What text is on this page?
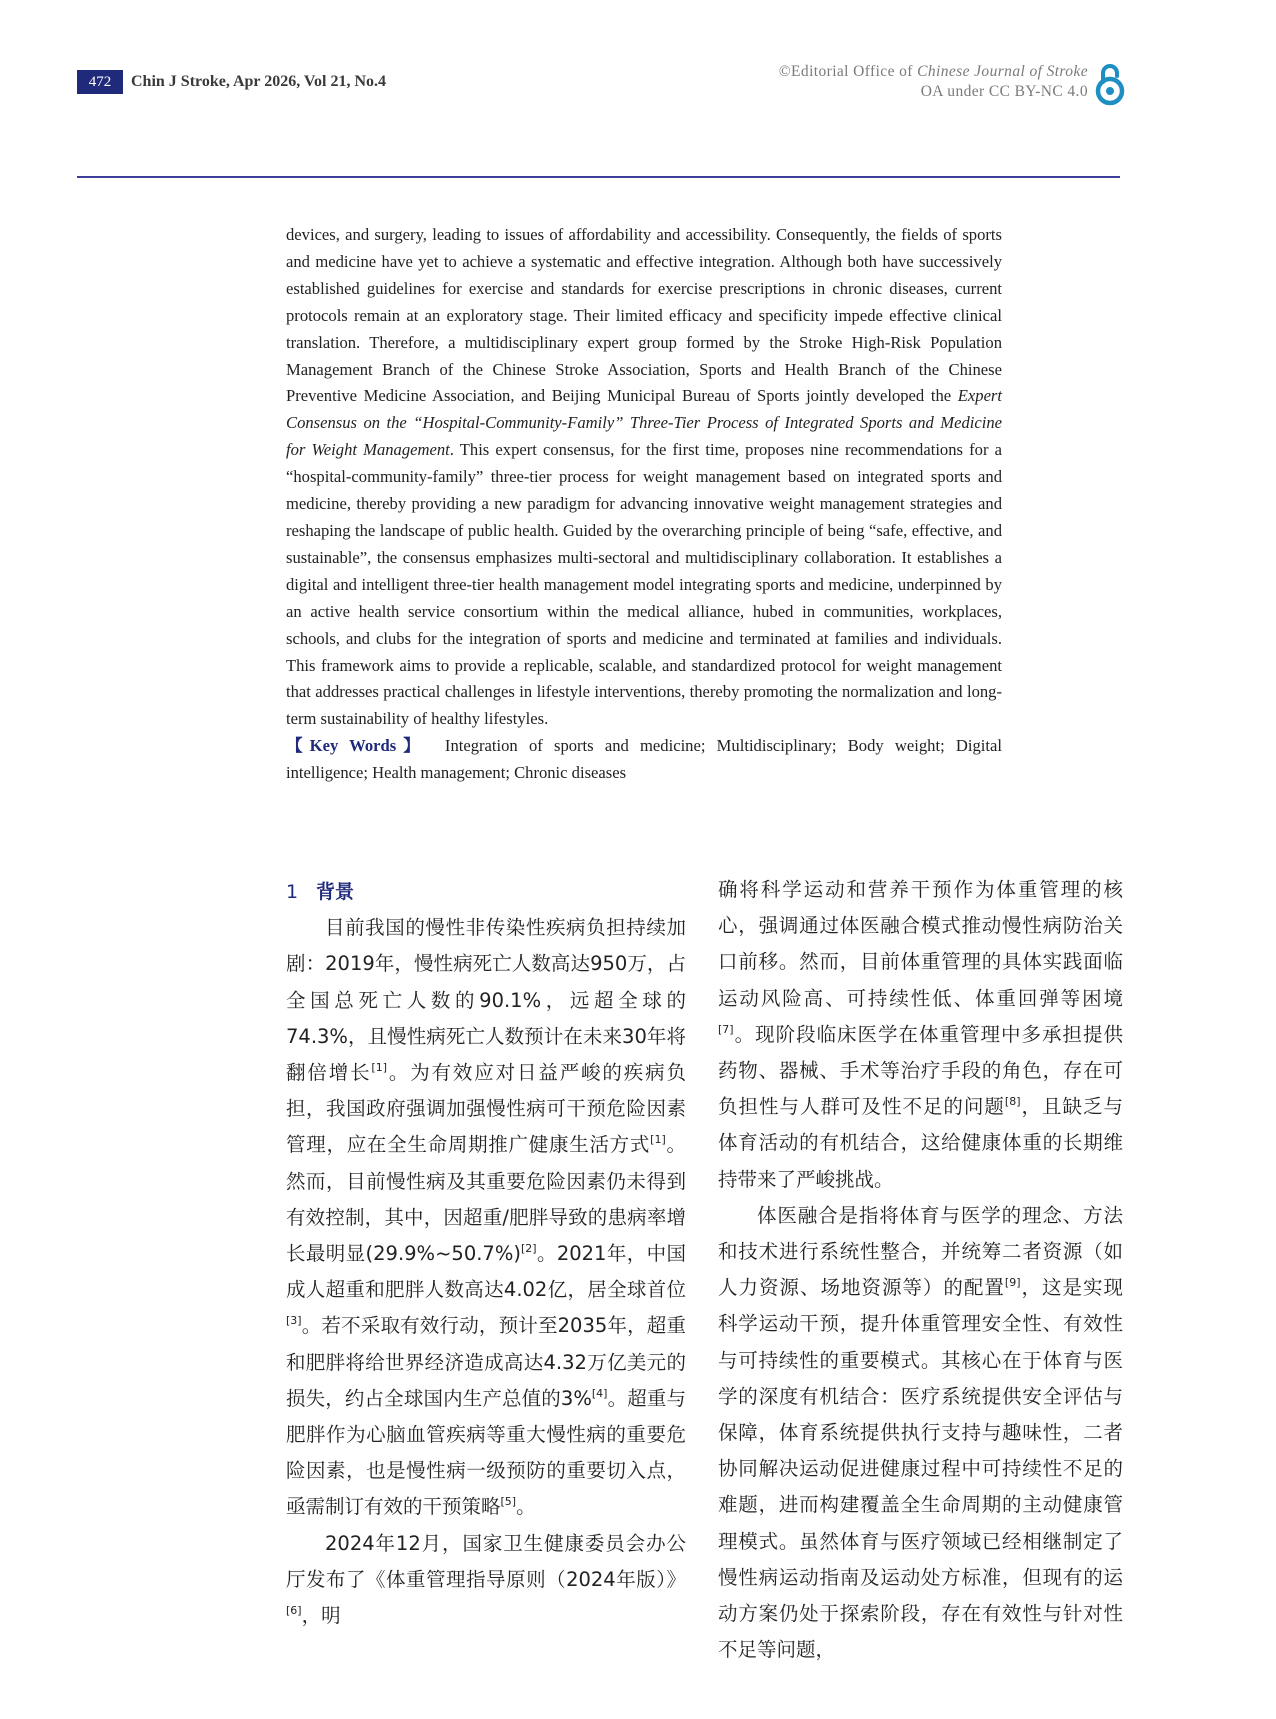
472	Chin J Stroke, Apr 2026, Vol 21, No.4
©Editorial Office of Chinese Journal of Stroke
OA under CC BY-NC 4.0

devices, and surgery, leading to issues of affordability and accessibility. Consequently, the fields of sports and medicine have yet to achieve a systematic and effective integration. Although both have successively established guidelines for exercise and standards for exercise prescriptions in chronic diseases, current protocols remain at an exploratory stage. Their limited efficacy and specificity impede effective clinical translation. Therefore, a multidisciplinary expert group formed by the Stroke High-Risk Population Management Branch of the Chinese Stroke Association, Sports and Health Branch of the Chinese Preventive Medicine Association, and Beijing Municipal Bureau of Sports jointly developed the Expert Consensus on the “Hospital-Community-Family” Three-Tier Process of Integrated Sports and Medicine for Weight Management. This expert consensus, for the first time, proposes nine recommendations for a “hospital-community-family” three-tier process for weight management based on integrated sports and medicine, thereby providing a new paradigm for advancing innovative weight management strategies and reshaping the landscape of public health. Guided by the overarching principle of being “safe, effective, and sustainable”, the consensus emphasizes multi-sectoral and multidisciplinary collaboration. It establishes a digital and intelligent three-tier health management model integrating sports and medicine, underpinned by an active health service consortium within the medical alliance, hubed in communities, workplaces, schools, and clubs for the integration of sports and medicine and terminated at families and individuals. This framework aims to provide a replicable, scalable, and standardized protocol for weight management that addresses practical challenges in lifestyle interventions, thereby promoting the normalization and long-term sustainability of healthy lifestyles.

【Key Words】 Integration of sports and medicine; Multidisciplinary; Body weight; Digital intelligence; Health management; Chronic diseases

1 背景

目前我国的慢性非传染性疾病负担持续加剧：2019年，慢性病死亡人数高达950万，占全国总死亡人数的90.1%，远超全球的74.3%，且慢性病死亡人数预计在未来30年将翻倍增长[1]。为有效应对日益严峻的疾病负担，我国政府强调加强慢性病可干预危险因素管理，应在全生命周期推广健康生活方式[1]。然而，目前慢性病及其重要危险因素仍未得到有效控制，其中，因超重/肥胖导致的患病率增长最明显(29.9%~50.7%)[2]。2021年，中国成人超重和肥胖人数高达4.02亿，居全球首位[3]。若不采取有效行动，预计至2035年，超重和肥胖将给世界经济造成高达4.32万亿美元的损失，约占全球国内生产总值的3%[4]。超重与肥胖作为心脑血管疾病等重大慢性病的重要危险因素，也是慢性病一级预防的重要切入点，亟需制订有效的干预策略[5]。

2024年12月，国家卫生健康委员会办公厅发布了《体重管理指导原则（2024年版）》[6]，明

确将科学运动和营养干预作为体重管理的核心，强调通过体医融合模式推动慢性病防治关口前移。然而，目前体重管理的具体实践面临运动风险高、可持续性低、体重回弹等困境[7]。现阶段临床医学在体重管理中多承担提供药物、器械、手术等治疗手段的角色，存在可负担性与人群可及性不足的问题[8]，且缺乏与体育活动的有机结合，这给健康体重的长期维持带来了严峻挑战。

体医融合是指将体育与医学的理念、方法和技术进行系统性整合，并统筹二者资源（如人力资源、场地资源等）的配置[9]，这是实现科学运动干预，提升体重管理安全性、有效性与可持续性的重要模式。其核心在于体育与医学的深度有机结合：医疗系统提供安全评估与保障，体育系统提供执行支持与趣味性，二者协同解决运动促进健康过程中可持续性不足的难题，进而构建覆盖全生命周期的主动健康管理模式。虽然体育与医疗领域已经相继制定了慢性病运动指南及运动处方标准，但现有的运动方案仍处于探索阶段，存在有效性与针对性不足等问题，
